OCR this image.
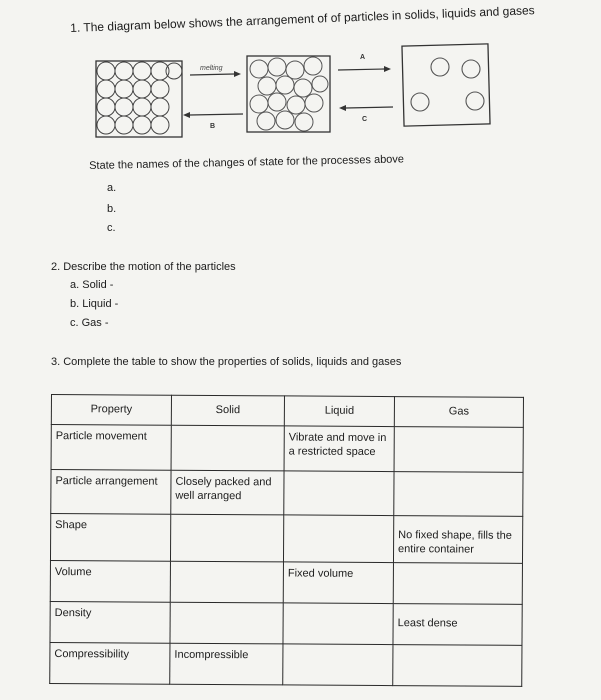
1. The diagram below shows the arrangement of of particles in solids, liquids and gases
melting
B
A
C
State the names of the changes of state for the processes above
a.
b.
c.
2. Describe the motion of the particles
a. Solid -
b. Liquid -
c. Gas -
3. Complete the table to show the properties of solids, liquids and gases
Property	Solid	Liquid	Gas
Particle movement		Vibrate and move in a restricted space	
Particle arrangement	Closely packed and well arranged		
Shape			No fixed shape, fills the entire container
Volume		Fixed volume	
Density			Least dense
Compressibility	Incompressible		
